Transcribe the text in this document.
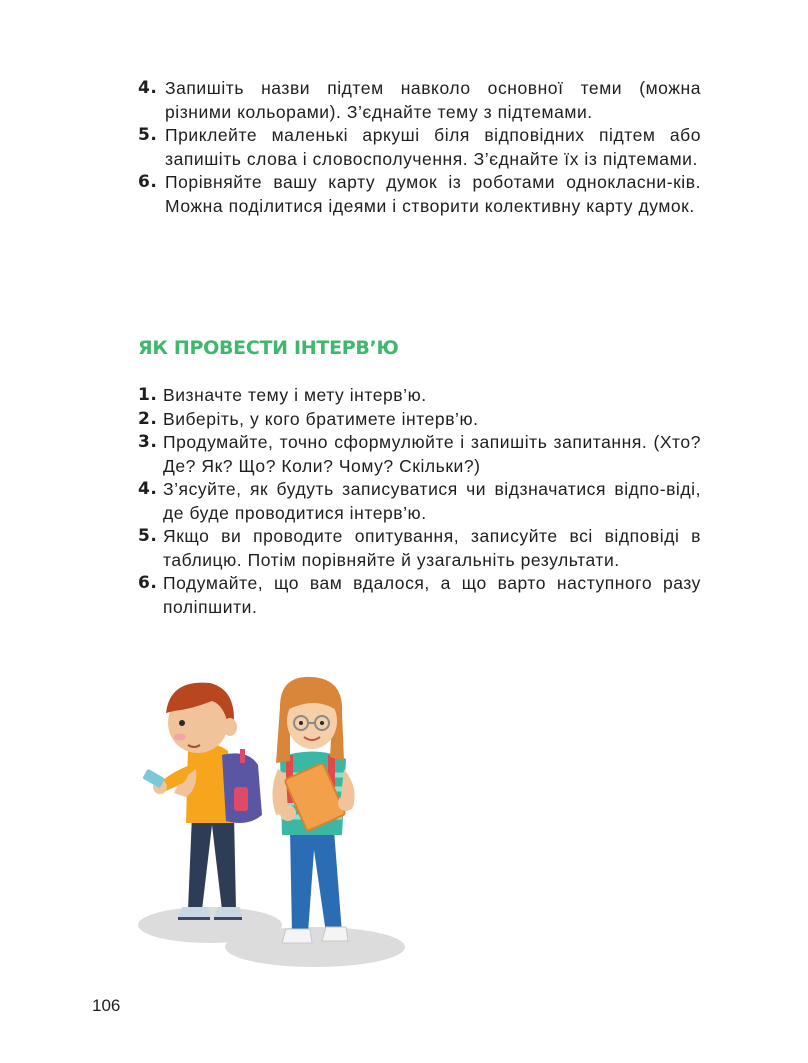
4. Запишіть назви підтем навколо основної теми (можна різними кольорами). З’єднайте тему з підтемами.
5. Приклейте маленькі аркуші біля відповідних підтем або запишіть слова і словосполучення. З’єднайте їх із підтемами.
6. Порівняйте вашу карту думок із роботами однокласни-ків. Можна поділитися ідеями і створити колективну карту думок.
ЯК ПРОВЕСТИ ІНТЕРВ’Ю
1. Визначте тему і мету інтерв’ю.
2. Виберіть, у кого братимете інтерв’ю.
3. Продумайте, точно сформулюйте і запишіть запитання. (Хто? Де? Як? Що? Коли? Чому? Скільки?)
4. З’ясуйте, як будуть записуватися чи відзначатися відпо-віді, де буде проводитися інтерв’ю.
5. Якщо ви проводите опитування, записуйте всі відповіді в таблицю. Потім порівняйте й узагальніть результати.
6. Подумайте, що вам вдалося, а що варто наступного разу поліпшити.
106
